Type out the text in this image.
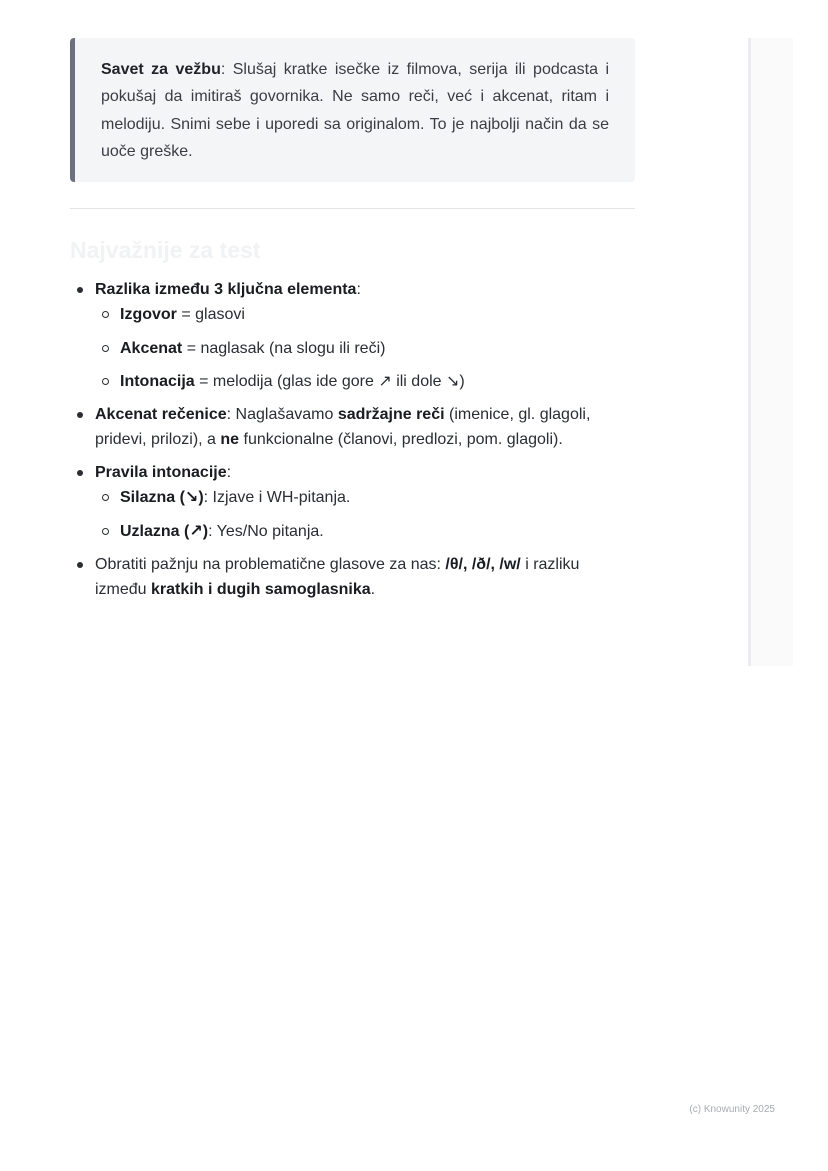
Savet za vežbu: Slušaj kratke isečke iz filmova, serija ili podcasta i pokušaj da imitiraš govornika. Ne samo reči, već i akcenat, ritam i melodiju. Snimi sebe i uporedi sa originalom. To je najbolji način da se uoče greške.
Najvažnije za test
Razlika između 3 ključna elementa:
Izgovor = glasovi
Akcenat = naglasak (na slogu ili reči)
Intonacija = melodija (glas ide gore ↗ ili dole ↘)
Akcenat rečenice: Naglašavamo sadržajne reči (imenice, gl. glagoli, pridevi, prilozi), a ne funkcionalne (članovi, predlozi, pom. glagoli).
Pravila intonacije:
Silazna (↘): Izjave i WH-pitanja.
Uzlazna (↗): Yes/No pitanja.
Obratiti pažnju na problematične glasove za nas: /θ/, /ð/, /w/ i razliku između kratkih i dugih samoglasnika.
(c) Knowunity 2025
